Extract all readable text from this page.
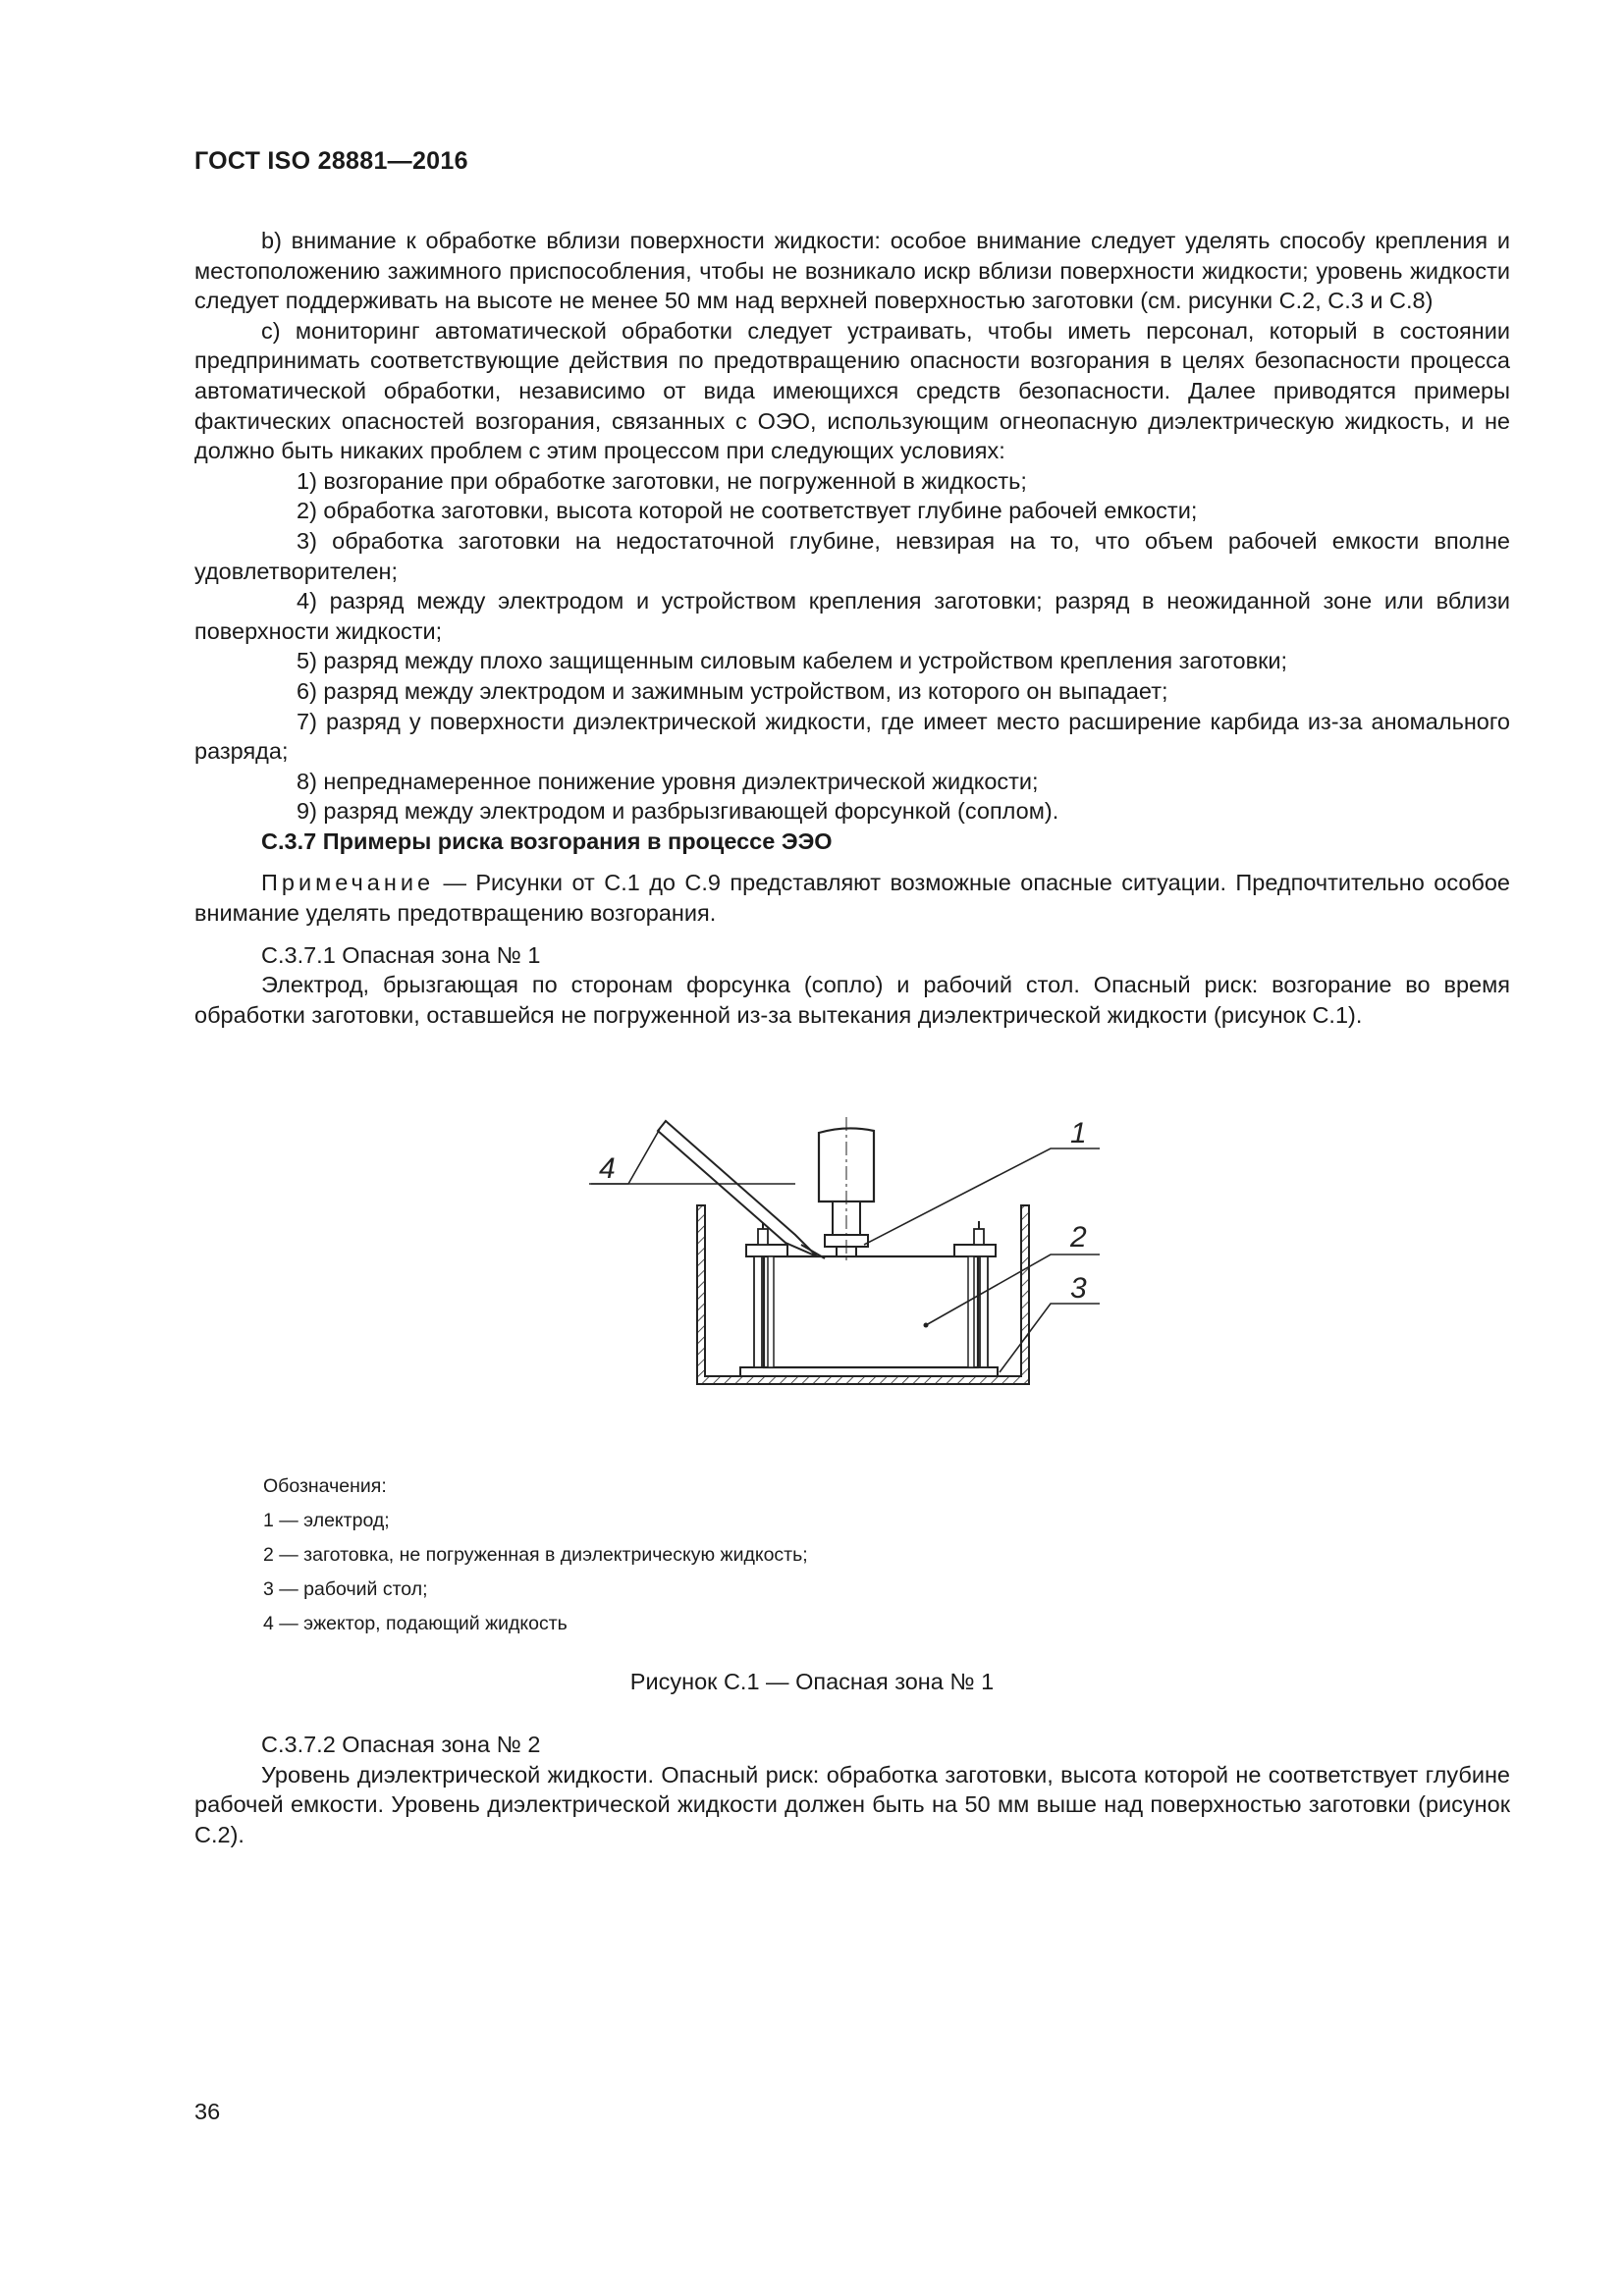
ГОСТ ISO 28881—2016

b) внимание к обработке вблизи поверхности жидкости: особое внимание следует уделять способу крепления и местоположению зажимного приспособления, чтобы не возникало искр вблизи поверхности жидкости; уровень жидкости следует поддерживать на высоте не менее 50 мм над верхней поверхностью заготовки (см. рисунки С.2, С.3 и С.8)

с) мониторинг автоматической обработки следует устраивать, чтобы иметь персонал, который в состоянии предпринимать соответствующие действия по предотвращению опасности возгорания в целях безопасности процесса автоматической обработки, независимо от вида имеющихся средств безопасности. Далее приводятся примеры фактических опасностей возгорания, связанных с ОЭО, использующим огнеопасную диэлектрическую жидкость, и не должно быть никаких проблем с этим процессом при следующих условиях:

1) возгорание при обработке заготовки, не погруженной в жидкость;

2) обработка заготовки, высота которой не соответствует глубине рабочей емкости;

3) обработка заготовки на недостаточной глубине, невзирая на то, что объем рабочей емкости вполне удовлетворителен;

4) разряд между электродом и устройством крепления заготовки; разряд в неожиданной зоне или вблизи поверхности жидкости;

5) разряд между плохо защищенным силовым кабелем и устройством крепления заготовки;

6) разряд между электродом и зажимным устройством, из которого он выпадает;

7) разряд у поверхности диэлектрической жидкости, где имеет место расширение карбида из-за аномального разряда;

8) непреднамеренное понижение уровня диэлектрической жидкости;

9) разряд между электродом и разбрызгивающей форсункой (соплом).

С.3.7 Примеры риска возгорания в процессе ЭЭО

Примечание — Рисунки от С.1 до С.9 представляют возможные опасные ситуации. Предпочтительно особое внимание уделять предотвращению возгорания.

С.3.7.1 Опасная зона № 1

Электрод, брызгающая по сторонам форсунка (сопло) и рабочий стол. Опасный риск: возгорание во время обработки заготовки, оставшейся не погруженной из-за вытекания диэлектрической жидкости (рисунок С.1).

1
2
3
4
Обозначения:
1 — электрод;
2 — заготовка, не погруженная в диэлектрическую жидкость;
3 — рабочий стол;
4 — эжектор, подающий жидкость
Рисунок С.1 — Опасная зона № 1

С.3.7.2 Опасная зона № 2

Уровень диэлектрической жидкости. Опасный риск: обработка заготовки, высота которой не соответствует глубине рабочей емкости. Уровень диэлектрической жидкости должен быть на 50 мм выше над поверхностью заготовки (рисунок С.2).

36
